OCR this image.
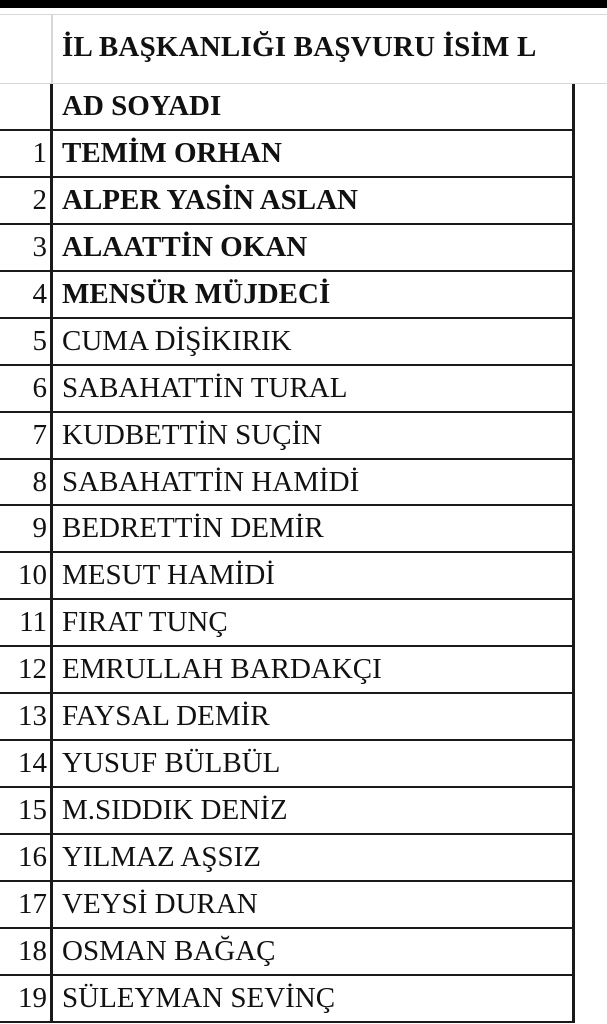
İL BAŞKANLIĞI BAŞVURU İSİM L
AD SOYADI
1 TEMİM ORHAN
2 ALPER YASİN ASLAN
3 ALAATTİN OKAN
4 MENSÜR MÜJDECİ
5 CUMA DİŞİKIRIK
6 SABAHATTİN TURAL
7 KUDBETTİN SUÇİN
8 SABAHATTİN HAMİDİ
9 BEDRETTİN DEMİR
10 MESUT HAMİDİ
11 FIRAT TUNÇ
12 EMRULLAH BARDAKÇI
13 FAYSAL DEMİR
14 YUSUF BÜLBÜL
15 M.SIDDIK DENİZ
16 YILMAZ AŞSIZ
17 VEYSİ DURAN
18 OSMAN BAĞAÇ
19 SÜLEYMAN SEVİNÇ
